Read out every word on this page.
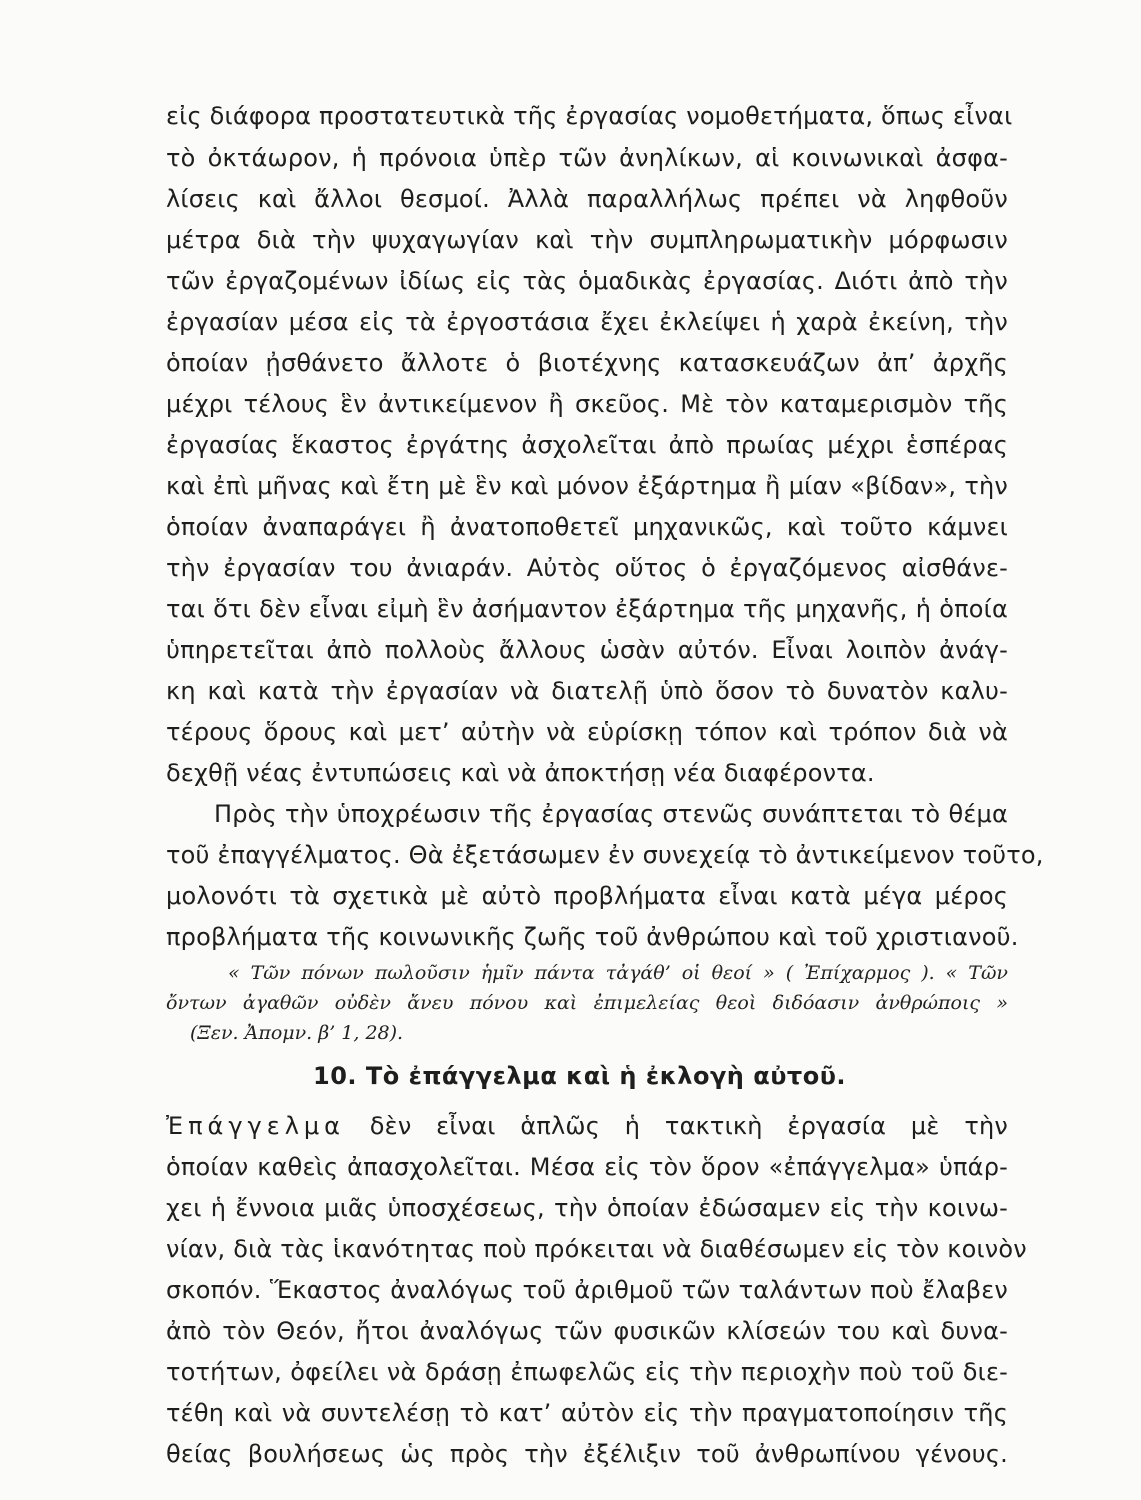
εἰς διάφορα προστατευτικὰ τῆς ἐργασίας νομοθετήματα, ὅπως εἶναι
τὸ ὀκτάωρον, ἡ πρόνοια ὑπὲρ τῶν ἀνηλίκων, αἱ κοινωνικαὶ ἀσφα-
λίσεις καὶ ἄλλοι θεσμοί. Ἀλλὰ παραλλήλως πρέπει νὰ ληφθοῦν
μέτρα διὰ τὴν ψυχαγωγίαν καὶ τὴν συμπληρωματικὴν μόρφωσιν
τῶν ἐργαζομένων ἰδίως εἰς τὰς ὁμαδικὰς ἐργασίας. Διότι ἀπὸ τὴν
ἐργασίαν μέσα εἰς τὰ ἐργοστάσια ἔχει ἐκλείψει ἡ χαρὰ ἐκείνη, τὴν
ὁποίαν ᾐσθάνετο ἄλλοτε ὁ βιοτέχνης κατασκευάζων ἀπ’ ἀρχῆς
μέχρι τέλους ἓν ἀντικείμενον ἢ σκεῦος. Μὲ τὸν καταμερισμὸν τῆς
ἐργασίας ἕκαστος ἐργάτης ἀσχολεῖται ἀπὸ πρωίας μέχρι ἑσπέρας
καὶ ἐπὶ μῆνας καὶ ἔτη μὲ ἓν καὶ μόνον ἐξάρτημα ἢ μίαν «βίδαν», τὴν
ὁποίαν ἀναπαράγει ἢ ἀνατοποθετεῖ μηχανικῶς, καὶ τοῦτο κάμνει
τὴν ἐργασίαν του ἀνιαράν. Αὐτὸς οὕτος ὁ ἐργαζόμενος αἰσθάνε-
ται ὅτι δὲν εἶναι εἰμὴ ἓν ἀσήμαντον ἐξάρτημα τῆς μηχανῆς, ἡ ὁποία
ὑπηρετεῖται ἀπὸ πολλοὺς ἄλλους ὡσὰν αὐτόν. Εἶναι λοιπὸν ἀνάγ-
κη καὶ κατὰ τὴν ἐργασίαν νὰ διατελῇ ὑπὸ ὅσον τὸ δυνατὸν καλυ-
τέρους ὅρους καὶ μετ’ αὐτὴν νὰ εὑρίσκῃ τόπον καὶ τρόπον διὰ νὰ
δεχθῇ νέας ἐντυπώσεις καὶ νὰ ἀποκτήσῃ νέα διαφέροντα.
Πρὸς τὴν ὑποχρέωσιν τῆς ἐργασίας στενῶς συνάπτεται τὸ θέμα
τοῦ ἐπαγγέλματος. Θὰ ἐξετάσωμεν ἐν συνεχείᾳ τὸ ἀντικείμενον τοῦτο,
μολονότι τὰ σχετικὰ μὲ αὐτὸ προβλήματα εἶναι κατὰ μέγα μέρος
προβλήματα τῆς κοινωνικῆς ζωῆς τοῦ ἀνθρώπου καὶ τοῦ χριστιανοῦ.
« Τῶν πόνων πωλοῦσιν ἡμῖν πάντα τἀγάθ’ οἱ θεοί » ( Ἐπίχαρμος ). « Τῶν
ὄντων ἀγαθῶν οὐδὲν ἄνευ πόνου καὶ ἐπιμελείας θεοὶ διδόασιν ἀνθρώποις »
(Ξεν. Ἀπομν. β’ 1, 28).
10. Τὸ ἐπάγγελμα καὶ ἡ ἐκλογὴ αὐτοῦ.
Ἐπάγγελμα δὲν εἶναι ἁπλῶς ἡ τακτικὴ ἐργασία μὲ τὴν
ὁποίαν καθεὶς ἀπασχολεῖται. Μέσα εἰς τὸν ὅρον «ἐπάγγελμα» ὑπάρ-
χει ἡ ἔννοια μιᾶς ὑποσχέσεως, τὴν ὁποίαν ἐδώσαμεν εἰς τὴν κοινω-
νίαν, διὰ τὰς ἱκανότητας ποὺ πρόκειται νὰ διαθέσωμεν εἰς τὸν κοινὸν
σκοπόν. Ἕκαστος ἀναλόγως τοῦ ἀριθμοῦ τῶν ταλάντων ποὺ ἔλαβεν
ἀπὸ τὸν Θεόν, ἤτοι ἀναλόγως τῶν φυσικῶν κλίσεών του καὶ δυνα-
τοτήτων, ὀφείλει νὰ δράσῃ ἐπωφελῶς εἰς τὴν περιοχὴν ποὺ τοῦ διε-
τέθη καὶ νὰ συντελέσῃ τὸ κατ’ αὐτὸν εἰς τὴν πραγματοποίησιν τῆς
θείας βουλήσεως ὡς πρὸς τὴν ἐξέλιξιν τοῦ ἀνθρωπίνου γένους.
